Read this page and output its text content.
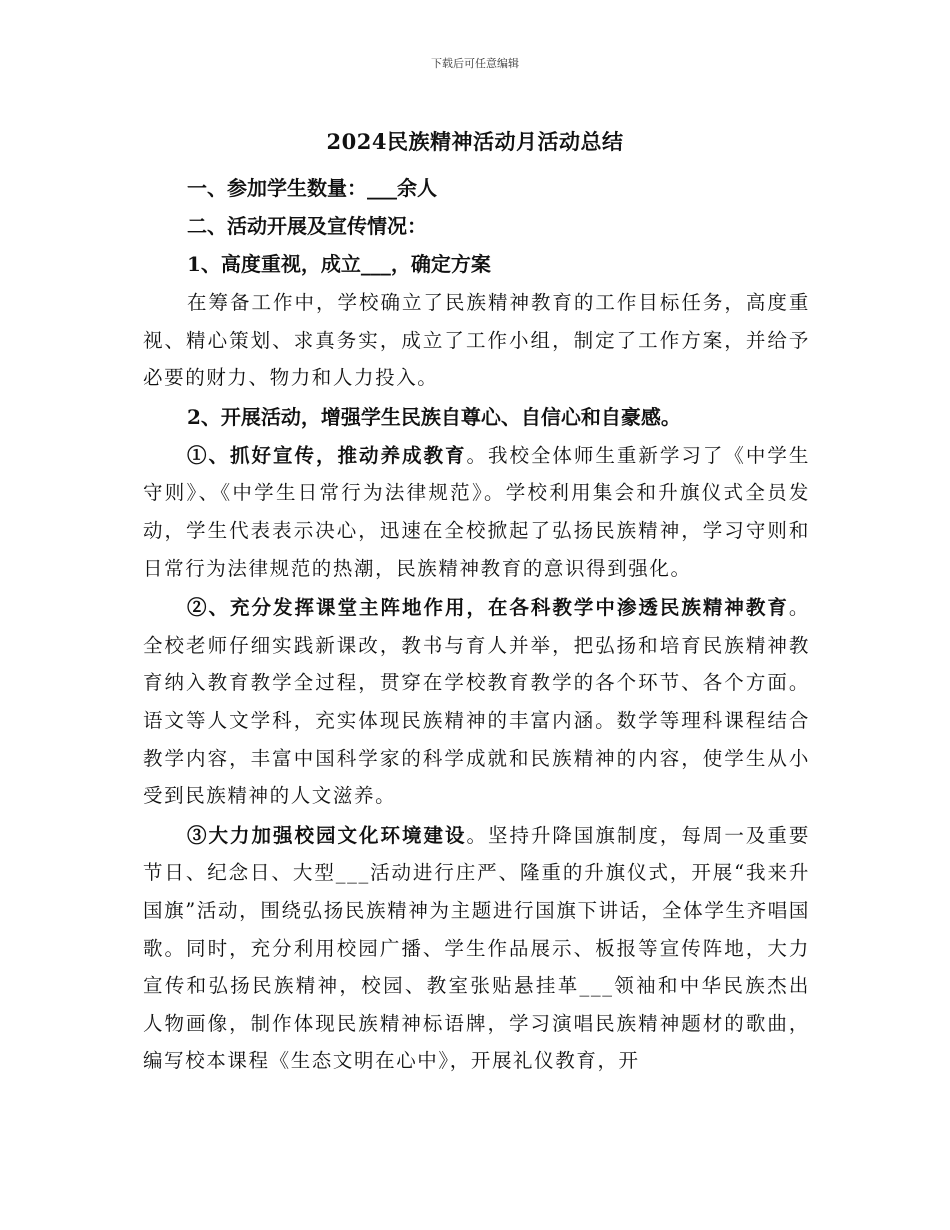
下载后可任意编辑
2024民族精神活动月活动总结
一、参加学生数量：___余人
二、活动开展及宣传情况：
1、高度重视，成立___，确定方案

在筹备工作中，学校确立了民族精神教育的工作目标任务，高度重视、精心策划、求真务实，成立了工作小组，制定了工作方案，并给予必要的财力、物力和人力投入。

2、开展活动，增强学生民族自尊心、自信心和自豪感。

①、抓好宣传，推动养成教育。我校全体师生重新学习了《中学生守则》、《中学生日常行为法律规范》。学校利用集会和升旗仪式全员发动，学生代表表示决心，迅速在全校掀起了弘扬民族精神，学习守则和日常行为法律规范的热潮，民族精神教育的意识得到强化。

②、充分发挥课堂主阵地作用，在各科教学中渗透民族精神教育。全校老师仔细实践新课改，教书与育人并举，把弘扬和培育民族精神教育纳入教育教学全过程，贯穿在学校教育教学的各个环节、各个方面。语文等人文学科，充实体现民族精神的丰富内涵。数学等理科课程结合教学内容，丰富中国科学家的科学成就和民族精神的内容，使学生从小受到民族精神的人文滋养。

③大力加强校园文化环境建设。坚持升降国旗制度，每周一及重要节日、纪念日、大型___活动进行庄严、隆重的升旗仪式，开展“我来升国旗”活动，围绕弘扬民族精神为主题进行国旗下讲话，全体学生齐唱国歌。同时，充分利用校园广播、学生作品展示、板报等宣传阵地，大力宣传和弘扬民族精神，校园、教室张贴悬挂革___领袖和中华民族杰出人物画像，制作体现民族精神标语牌，学习演唱民族精神题材的歌曲，编写校本课程《生态文明在心中》，开展礼仪教育，开
